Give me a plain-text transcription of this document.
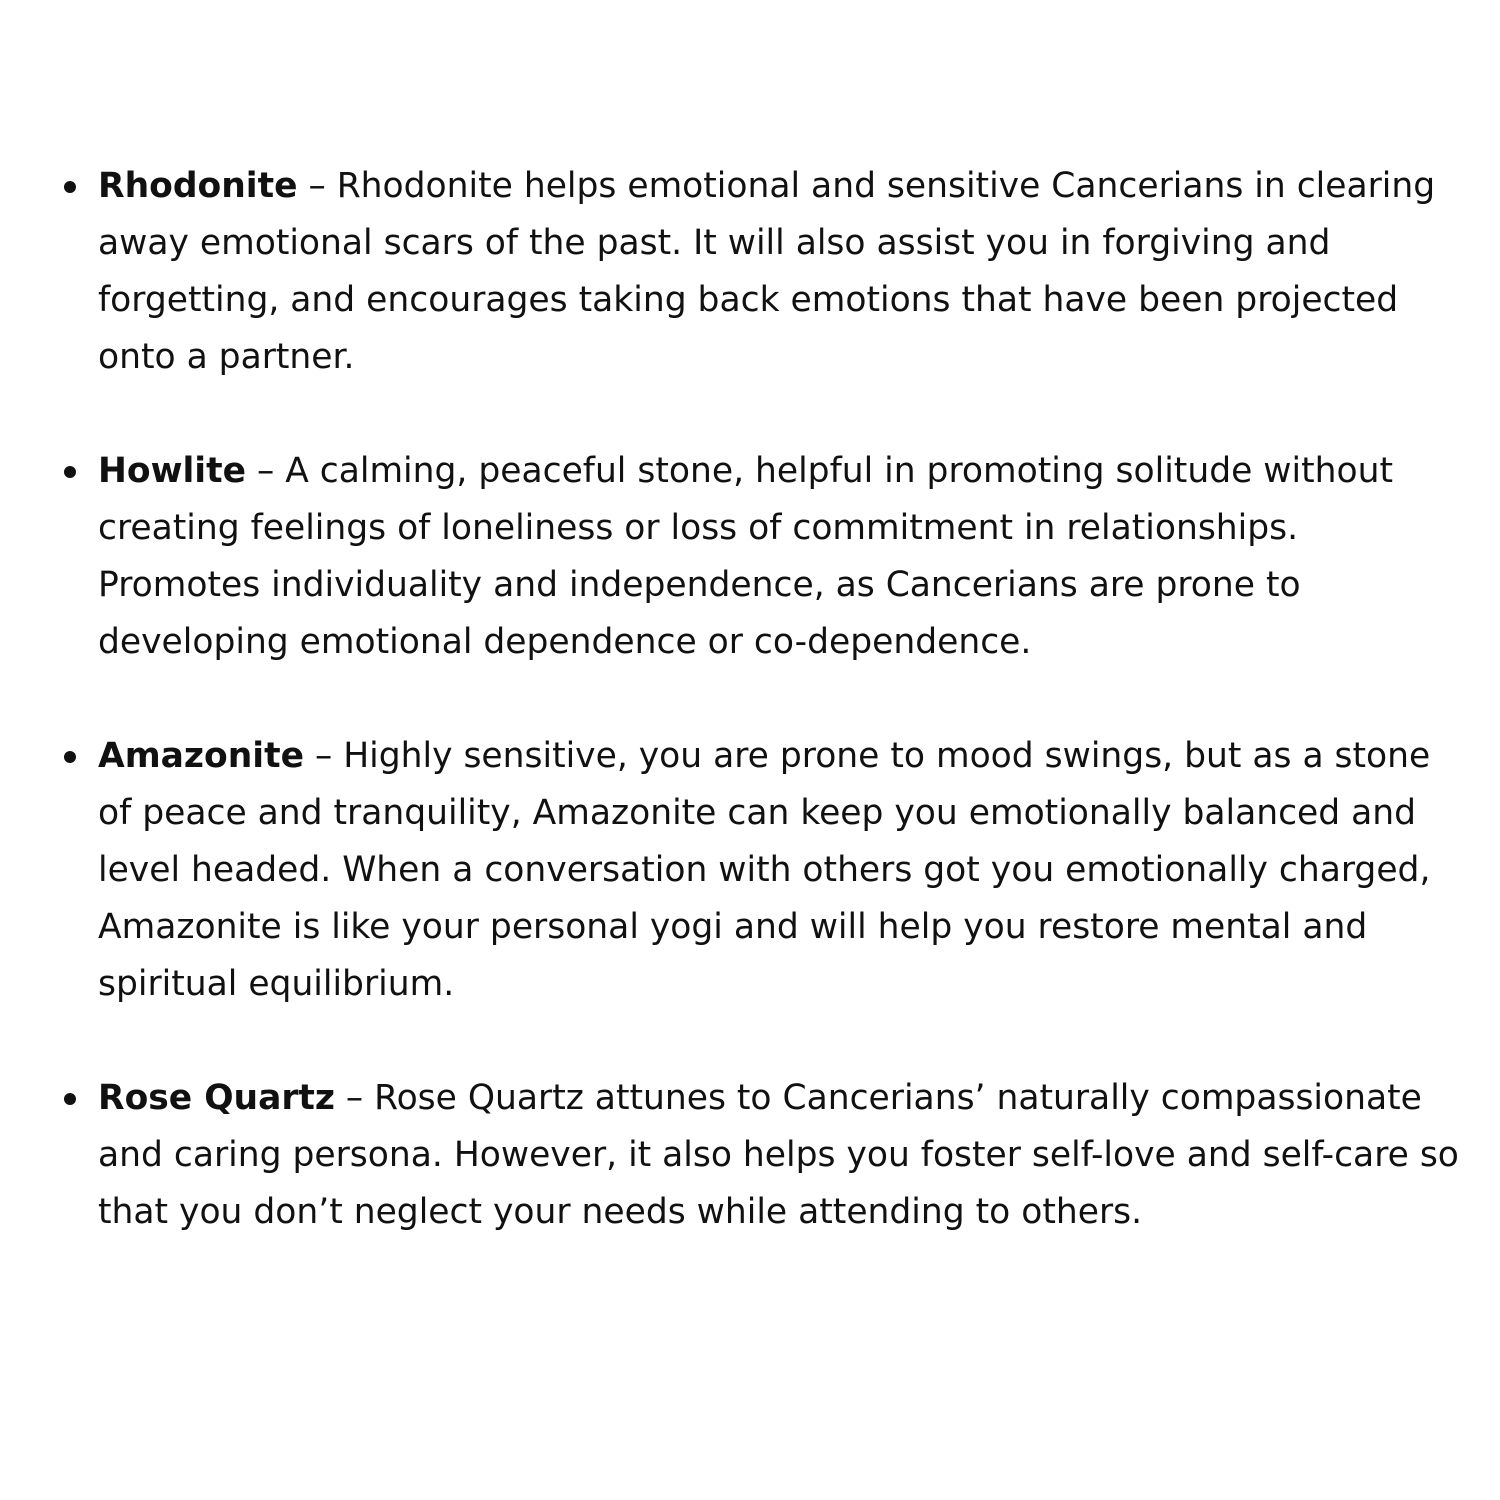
Rhodonite – Rhodonite helps emotional and sensitive Cancerians in clearing away emotional scars of the past. It will also assist you in forgiving and forgetting, and encourages taking back emotions that have been projected onto a partner.
Howlite – A calming, peaceful stone, helpful in promoting solitude without creating feelings of loneliness or loss of commitment in relationships. Promotes individuality and independence, as Cancerians are prone to developing emotional dependence or co-dependence.
Amazonite – Highly sensitive, you are prone to mood swings, but as a stone of peace and tranquility, Amazonite can keep you emotionally balanced and level headed. When a conversation with others got you emotionally charged, Amazonite is like your personal yogi and will help you restore mental and spiritual equilibrium.
Rose Quartz – Rose Quartz attunes to Cancerians’ naturally compassionate and caring persona. However, it also helps you foster self-love and self-care so that you don’t neglect your needs while attending to others.
